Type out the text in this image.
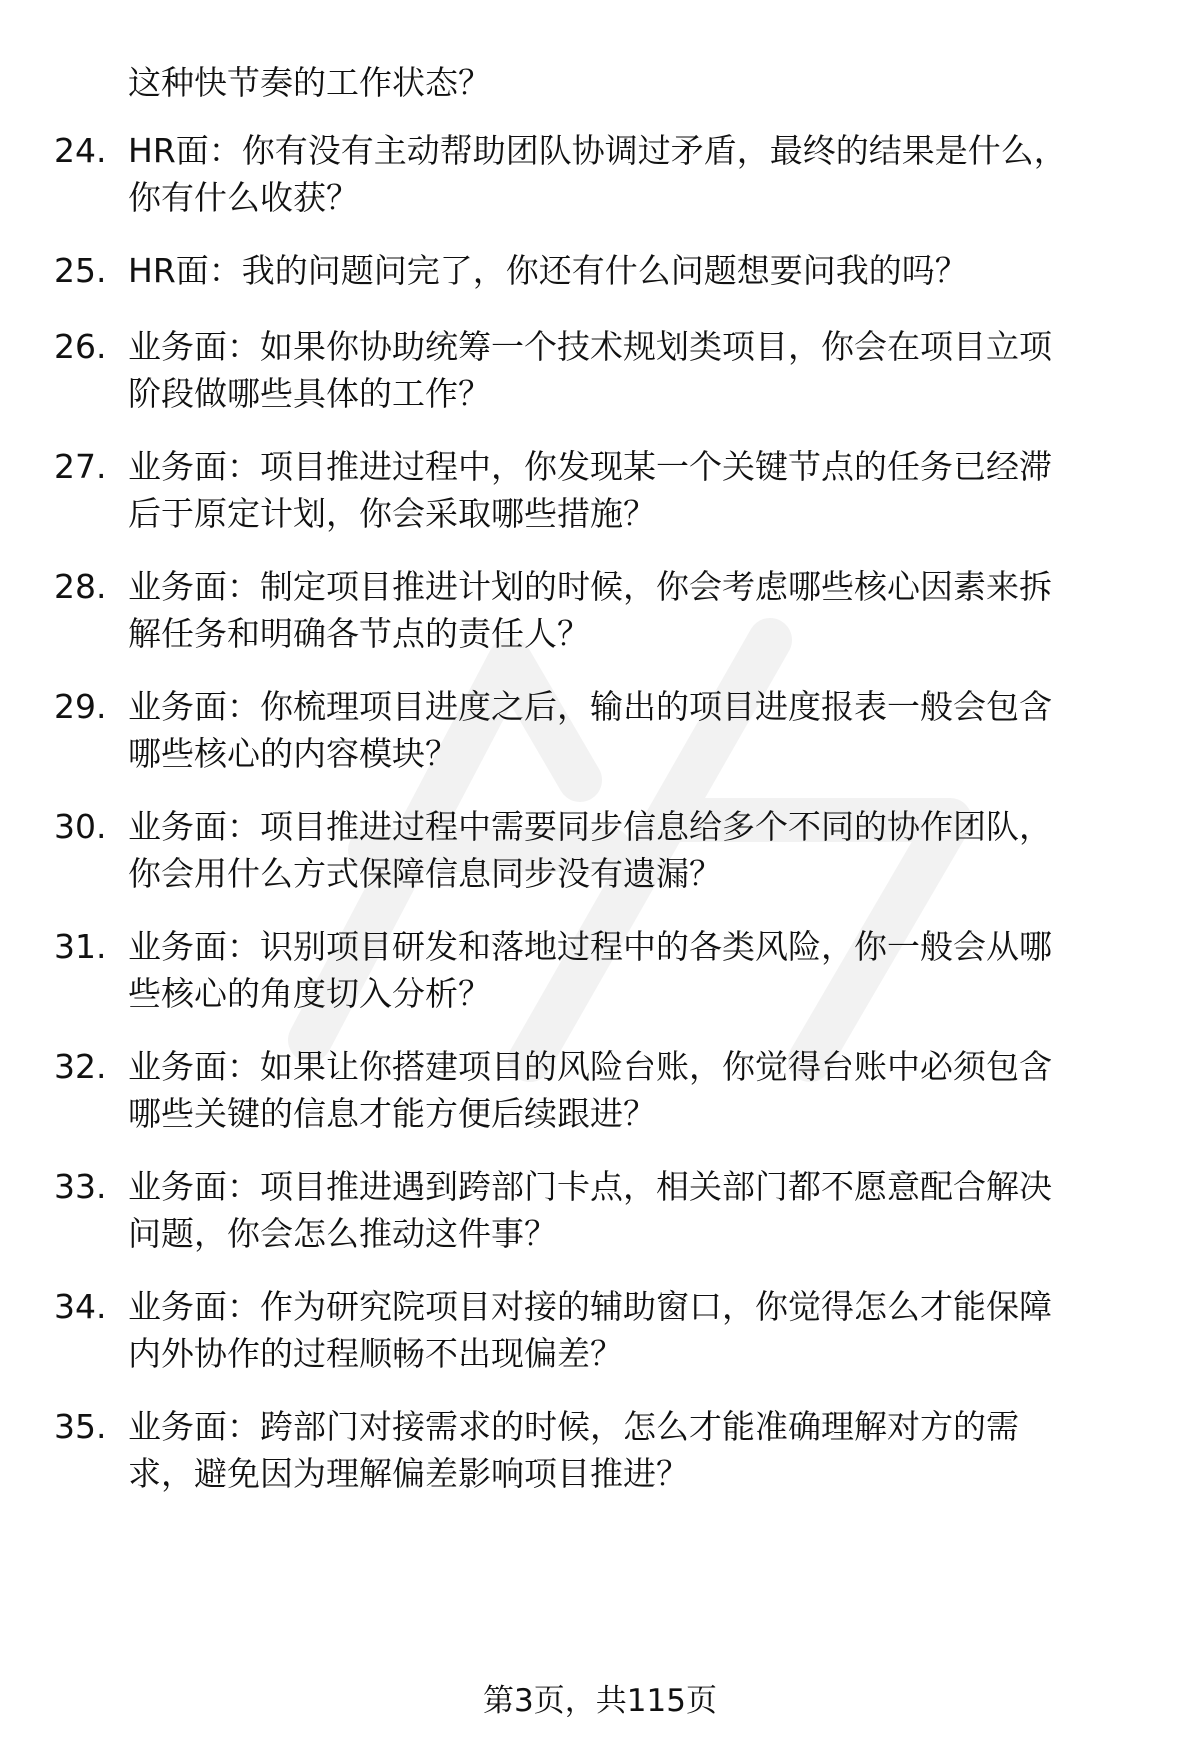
这种快节奏的工作状态？
24. HR面：你有没有主动帮助团队协调过矛盾，最终的结果是什么，
你有什么收获？
25. HR面：我的问题问完了，你还有什么问题想要问我的吗？
26. 业务面：如果你协助统筹一个技术规划类项目，你会在项目立项
阶段做哪些具体的工作？
27. 业务面：项目推进过程中，你发现某一个关键节点的任务已经滞
后于原定计划，你会采取哪些措施？
28. 业务面：制定项目推进计划的时候，你会考虑哪些核心因素来拆
解任务和明确各节点的责任人？
29. 业务面：你梳理项目进度之后，输出的项目进度报表一般会包含
哪些核心的内容模块？
30. 业务面：项目推进过程中需要同步信息给多个不同的协作团队，
你会用什么方式保障信息同步没有遗漏？
31. 业务面：识别项目研发和落地过程中的各类风险，你一般会从哪
些核心的角度切入分析？
32. 业务面：如果让你搭建项目的风险台账，你觉得台账中必须包含
哪些关键的信息才能方便后续跟进？
33. 业务面：项目推进遇到跨部门卡点，相关部门都不愿意配合解决
问题，你会怎么推动这件事？
34. 业务面：作为研究院项目对接的辅助窗口，你觉得怎么才能保障
内外协作的过程顺畅不出现偏差？
35. 业务面：跨部门对接需求的时候，怎么才能准确理解对方的需
求，避免因为理解偏差影响项目推进？
第3页，共115页
